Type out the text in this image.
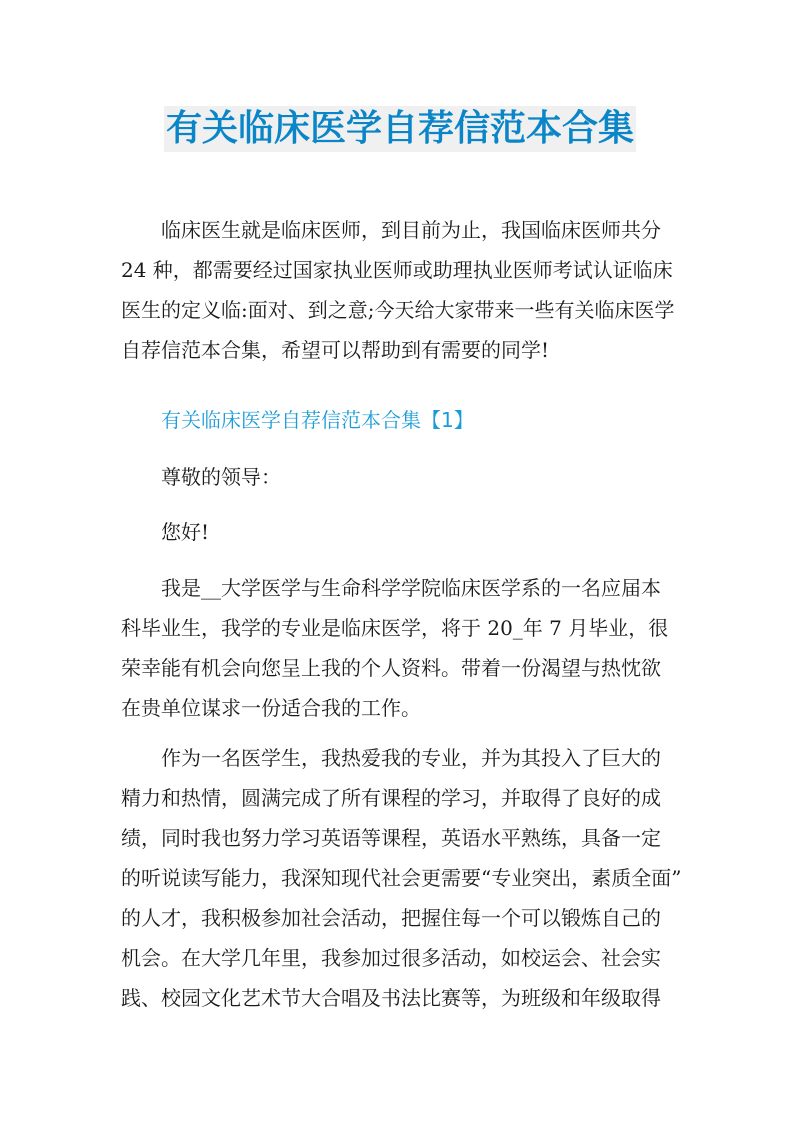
有关临床医学自荐信范本合集
临床医生就是临床医师，到目前为止，我国临床医师共分
24 种，都需要经过国家执业医师或助理执业医师考试认证临床
医生的定义临:面对、到之意;今天给大家带来一些有关临床医学
自荐信范本合集，希望可以帮助到有需要的同学!
有关临床医学自荐信范本合集【1】
尊敬的领导：
您好!
我是__大学医学与生命科学学院临床医学系的一名应届本
科毕业生，我学的专业是临床医学，将于 20_年 7 月毕业，很
荣幸能有机会向您呈上我的个人资料。带着一份渴望与热忱欲
在贵单位谋求一份适合我的工作。
作为一名医学生，我热爱我的专业，并为其投入了巨大的
精力和热情，圆满完成了所有课程的学习，并取得了良好的成
绩，同时我也努力学习英语等课程，英语水平熟练，具备一定
的听说读写能力，我深知现代社会更需要“专业突出，素质全面”
的人才，我积极参加社会活动，把握住每一个可以锻炼自己的
机会。在大学几年里，我参加过很多活动，如校运会、社会实
践、校园文化艺术节大合唱及书法比赛等，为班级和年级取得
